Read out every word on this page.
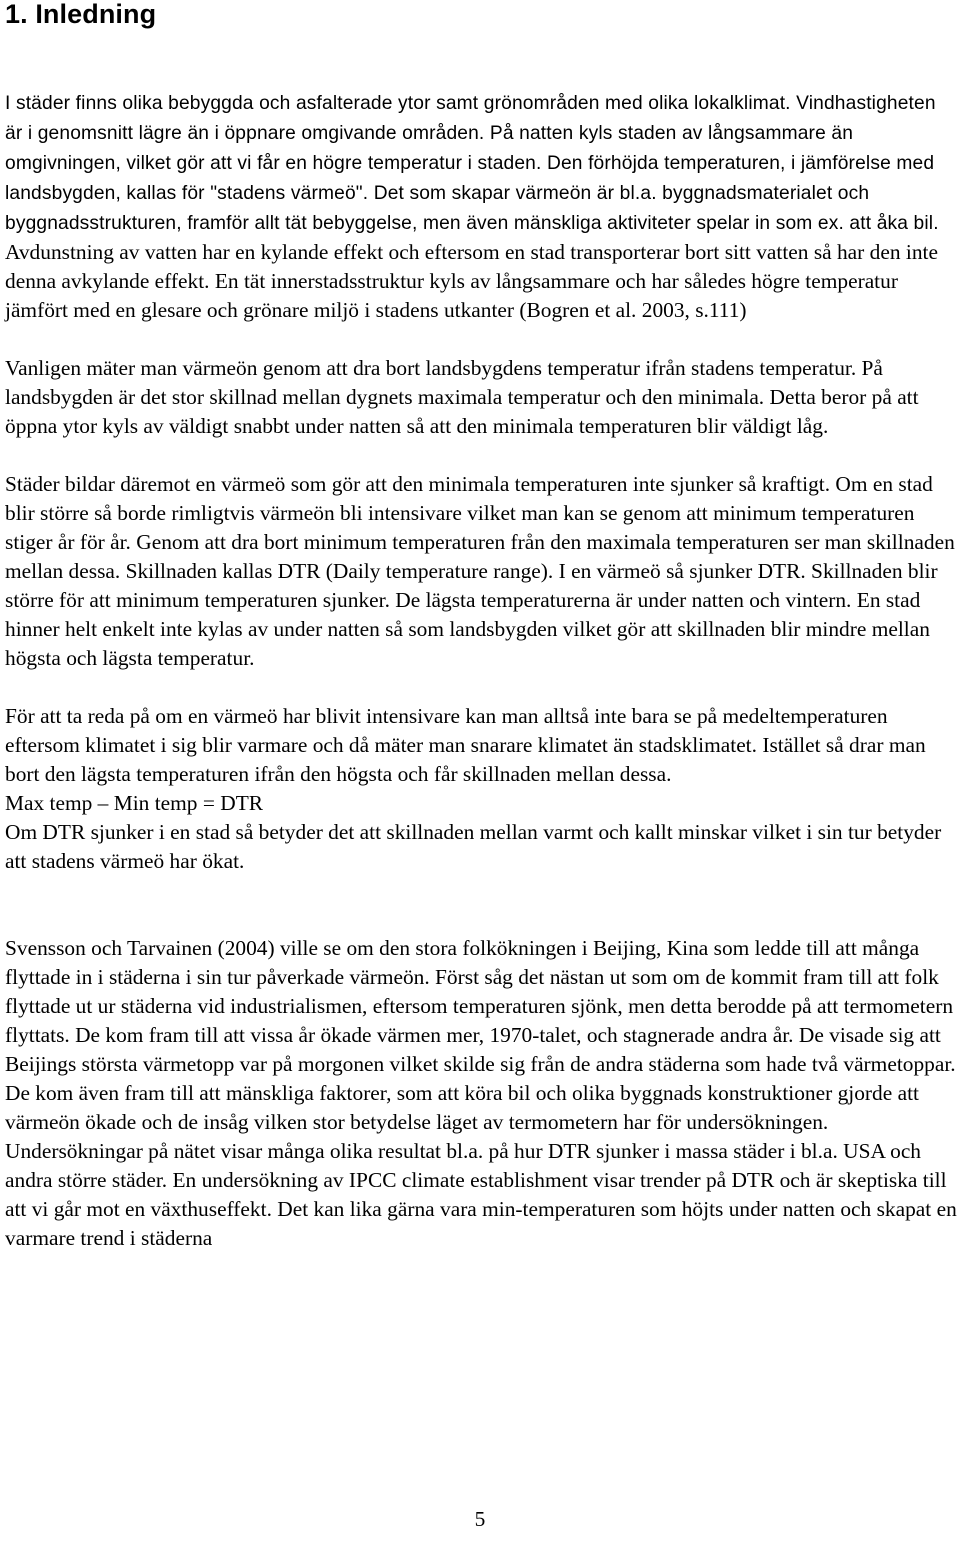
1. Inledning

I städer finns olika bebyggda och asfalterade ytor samt grönområden med olika lokalklimat. Vindhastigheten är i genomsnitt lägre än i öppnare omgivande områden. På natten kyls staden av långsammare än omgivningen, vilket gör att vi får en högre temperatur i staden. Den förhöjda temperaturen, i jämförelse med landsbygden, kallas för "stadens värmeö". Det som skapar värmeön är bl.a. byggnadsmaterialet och byggnadsstrukturen, framför allt tät bebyggelse, men även mänskliga aktiviteter spelar in som ex. att åka bil. Avdunstning av vatten har en kylande effekt och eftersom en stad transporterar bort sitt vatten så har den inte denna avkylande effekt. En tät innerstadsstruktur kyls av långsammare och har således högre temperatur jämfört med en glesare och grönare miljö i stadens utkanter (Bogren et al. 2003, s.111)

Vanligen mäter man värmeön genom att dra bort landsbygdens temperatur ifrån stadens temperatur. På landsbygden är det stor skillnad mellan dygnets maximala temperatur och den minimala. Detta beror på att öppna ytor kyls av väldigt snabbt under natten så att den minimala temperaturen blir väldigt låg.

Städer bildar däremot en värmeö som gör att den minimala temperaturen inte sjunker så kraftigt. Om en stad blir större så borde rimligtvis värmeön bli intensivare vilket man kan se genom att minimum temperaturen stiger år för år. Genom att dra bort minimum temperaturen från den maximala temperaturen ser man skillnaden mellan dessa. Skillnaden kallas DTR (Daily temperature range). I en värmeö så sjunker DTR. Skillnaden blir större för att minimum temperaturen sjunker. De lägsta temperaturerna är under natten och vintern. En stad hinner helt enkelt inte kylas av under natten så som landsbygden vilket gör att skillnaden blir mindre mellan högsta och lägsta temperatur.

För att ta reda på om en värmeö har blivit intensivare kan man alltså inte bara se på medeltemperaturen eftersom klimatet i sig blir varmare och då mäter man snarare klimatet än stadsklimatet. Istället så drar man bort den lägsta temperaturen ifrån den högsta och får skillnaden mellan dessa.

Max temp – Min temp = DTR

Om DTR sjunker i en stad så betyder det att skillnaden mellan varmt och kallt minskar vilket i sin tur betyder att stadens värmeö har ökat.

Svensson och Tarvainen (2004) ville se om den stora folkökningen i Beijing, Kina som ledde till att många flyttade in i städerna i sin tur påverkade värmeön. Först såg det nästan ut som om de kommit fram till att folk flyttade ut ur städerna vid industrialismen, eftersom temperaturen sjönk, men detta berodde på att termometern flyttats. De kom fram till att vissa år ökade värmen mer, 1970-talet, och stagnerade andra år. De visade sig att Beijings största värmetopp var på morgonen vilket skilde sig från de andra städerna som hade två värmetoppar. De kom även fram till att mänskliga faktorer, som att köra bil och olika byggnads konstruktioner gjorde att värmeön ökade och de insåg vilken stor betydelse läget av termometern har för undersökningen.

Undersökningar på nätet visar många olika resultat bl.a. på hur DTR sjunker i massa städer i bl.a. USA och andra större städer. En undersökning av IPCC climate establishment visar trender på DTR och är skeptiska till att vi går mot en växthuseffekt. Det kan lika gärna vara min-temperaturen som höjts under natten och skapat en varmare trend i städerna

5
